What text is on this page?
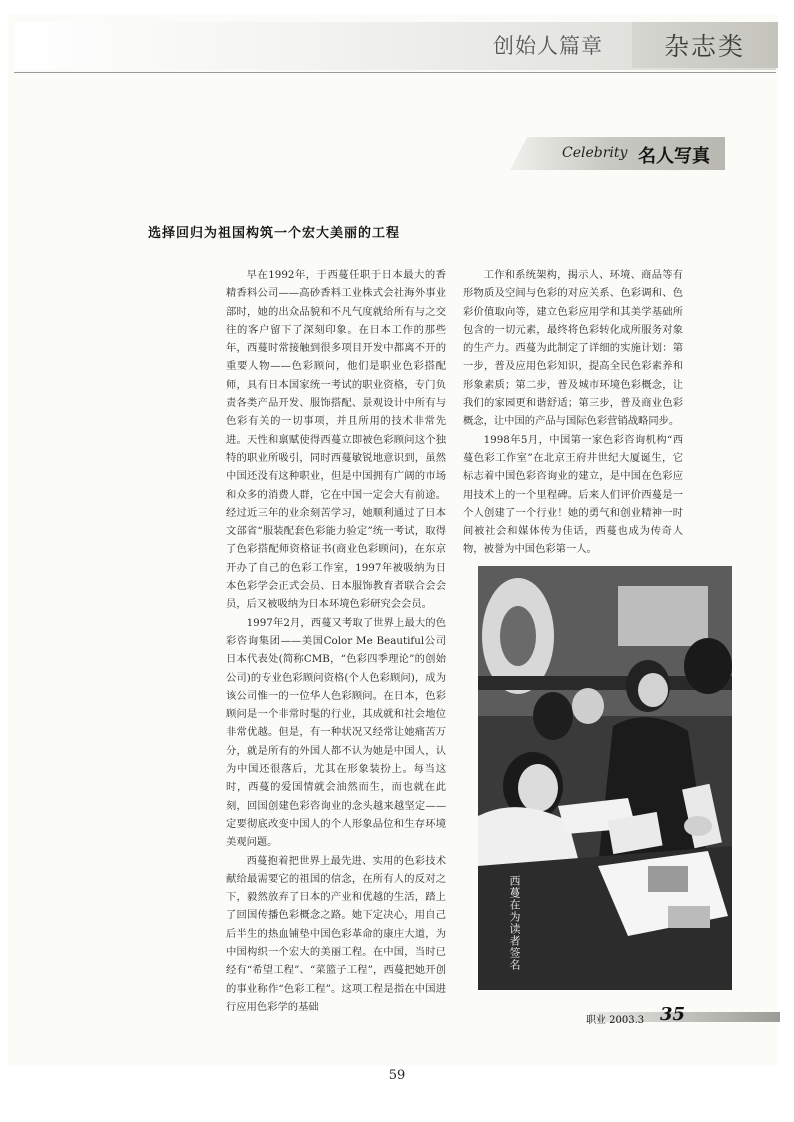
创始人篇章 杂志类
Celebrity 名人写真
选择回归为祖国构筑一个宏大美丽的工程

早在1992年，于西蔓任职于日本最大的香精香料公司——高砂香料工业株式会社海外事业部时，她的出众品貌和不凡气度就给所有与之交往的客户留下了深刻印象。在日本工作的那些年，西蔓时常接触到很多项目开发中都离不开的重要人物——色彩顾问，他们是职业色彩搭配师，具有日本国家统一考试的职业资格，专门负责各类产品开发、服饰搭配、景观设计中所有与色彩有关的一切事项，并且所用的技术非常先进。天性和禀赋使得西蔓立即被色彩顾问这个独特的职业所吸引，同时西蔓敏锐地意识到，虽然中国还没有这种职业，但是中国拥有广阔的市场和众多的消费人群，它在中国一定会大有前途。经过近三年的业余刻苦学习，她顺利通过了日本文部省“服装配套色彩能力验定”统一考试，取得了色彩搭配师资格证书(商业色彩顾问)，在东京开办了自己的色彩工作室，1997年被吸纳为日本色彩学会正式会员、日本服饰教育者联合会会员，后又被吸纳为日本环境色彩研究会会员。

1997年2月，西蔓又考取了世界上最大的色彩咨询集团——美国Color Me Beautiful公司日本代表处(简称CMB，“色彩四季理论”的创始公司)的专业色彩顾问资格(个人色彩顾问)，成为该公司惟一的一位华人色彩顾问。在日本，色彩顾问是一个非常时髦的行业，其成就和社会地位非常优越。但是，有一种状况又经常让她痛苦万分，就是所有的外国人都不认为她是中国人，认为中国还很落后，尤其在形象装扮上。每当这时，西蔓的爱国情就会油然而生，而也就在此刻，回国创建色彩咨询业的念头越来越坚定——定要彻底改变中国人的个人形象品位和生存环境美观问题。

西蔓抱着把世界上最先进、实用的色彩技术献给最需要它的祖国的信念，在所有人的反对之下，毅然放弃了日本的产业和优越的生活，踏上了回国传播色彩概念之路。她下定决心，用自己后半生的热血铺垫中国色彩革命的康庄大道，为中国构织一个宏大的美丽工程。在中国，当时已经有“希望工程”、“菜篮子工程”，西蔓把她开创的事业称作“色彩工程”。这项工程是指在中国进行应用色彩学的基础

工作和系统架构，揭示人、环境、商品等有形物质及空间与色彩的对应关系、色彩调和、色彩价值取向等，建立色彩应用学和其美学基础所包含的一切元素，最终将色彩转化成所服务对象的生产力。西蔓为此制定了详细的实施计划：第一步，普及应用色彩知识，提高全民色彩素养和形象素质；第二步，普及城市环境色彩概念，让我们的家园更和谐舒适；第三步，普及商业色彩概念，让中国的产品与国际色彩营销战略同步。

1998年5月，中国第一家色彩咨询机构“西蔓色彩工作室”在北京王府井世纪大厦诞生，它标志着中国色彩咨询业的建立，是中国在色彩应用技术上的一个里程碑。后来人们评价西蔓是一个人创建了一个行业！她的勇气和创业精神一时间被社会和媒体传为佳话，西蔓也成为传奇人物，被誉为中国色彩第一人。

西蔓在为读者签名
职业 2003.3 35
59
